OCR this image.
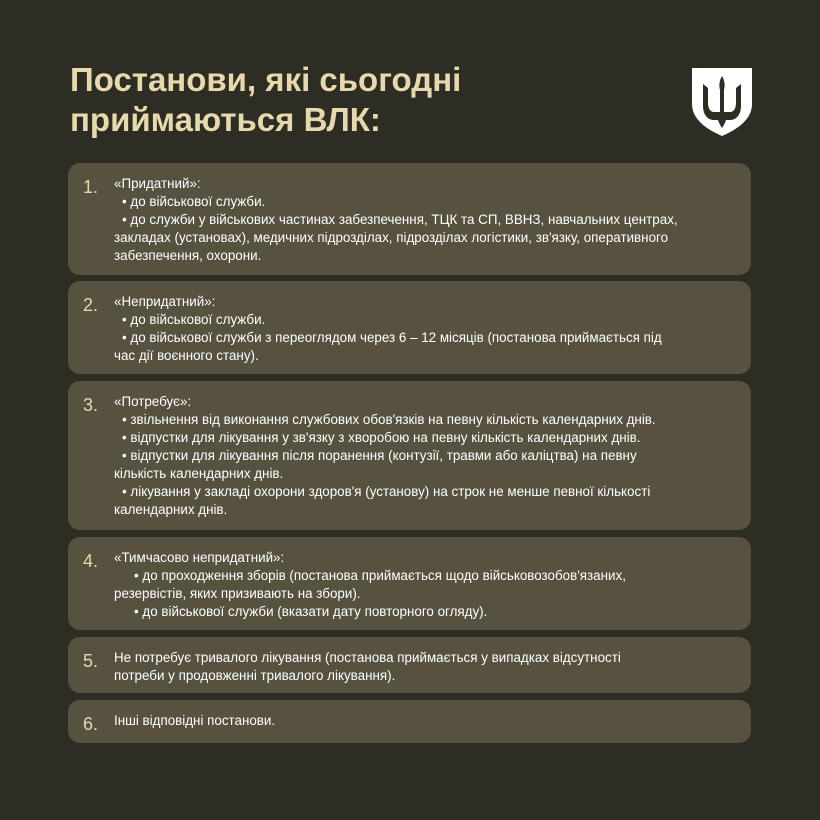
Постанови, які сьогодні
приймаються ВЛК:
1. «Придатний»:

• до військової служби.
• до служби у військових частинах забезпечення, ТЦК та СП, ВВНЗ, навчальних центрах,
закладах (установах), медичних підрозділах, підрозділах логістики, зв'язку, оперативного
забезпечення, охорони.
2. «Непридатний»:

• до військової служби.
• до військової служби з переоглядом через 6 – 12 місяців (постанова приймається під
час дії воєнного стану).
3. «Потребує»:

• звільнення від виконання службових обов'язків на певну кількість календарних днів.
• відпустки для лікування у зв'язку з хворобою на певну кількість календарних днів.
• відпустки для лікування після поранення (контузії, травми або каліцтва) на певну
кількість календарних днів.
• лікування у закладі охорони здоров'я (установу) на строк не менше певної кількості
календарних днів.
4. «Тимчасово непридатний»:

• до проходження зборів (постанова приймається щодо військовозобов'язаних,
резервістів, яких призивають на збори).
• до військової служби (вказати дату повторного огляду).
5. Не потребує тривалого лікування (постанова приймається у випадках відсутності
потреби у продовженні тривалого лікування).
6. Інші відповідні постанови.
